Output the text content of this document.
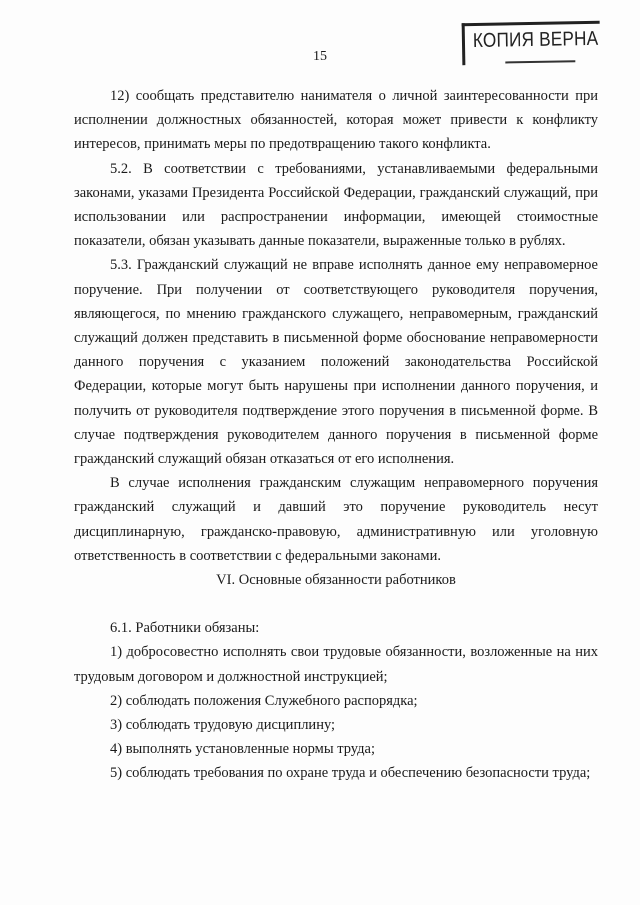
КОПИЯ ВЕРНА
15

12) сообщать представителю нанимателя о личной заинтересованности при исполнении должностных обязанностей, которая может привести к конфликту интересов, принимать меры по предотвращению такого конфликта.

5.2. В соответствии с требованиями, устанавливаемыми федеральными законами, указами Президента Российской Федерации, гражданский служащий, при использовании или распространении информации, имеющей стоимостные показатели, обязан указывать данные показатели, выраженные только в рублях.

5.3. Гражданский служащий не вправе исполнять данное ему неправомерное поручение. При получении от соответствующего руководителя поручения, являющегося, по мнению гражданского служащего, неправомерным, гражданский служащий должен представить в письменной форме обоснование неправомерности данного поручения с указанием положений законодательства Российской Федерации, которые могут быть нарушены при исполнении данного поручения, и получить от руководителя подтверждение этого поручения в письменной форме. В случае подтверждения руководителем данного поручения в письменной форме гражданский служащий обязан отказаться от его исполнения.

В случае исполнения гражданским служащим неправомерного поручения гражданский служащий и давший это поручение руководитель несут дисциплинарную, гражданско-правовую, административную или уголовную ответственность в соответствии с федеральными законами.

VI. Основные обязанности работников

6.1. Работники обязаны:

1) добросовестно исполнять свои трудовые обязанности, возложенные на них трудовым договором и должностной инструкцией;

2) соблюдать положения Служебного распорядка;

3) соблюдать трудовую дисциплину;

4) выполнять установленные нормы труда;

5) соблюдать требования по охране труда и обеспечению безопасности труда;
